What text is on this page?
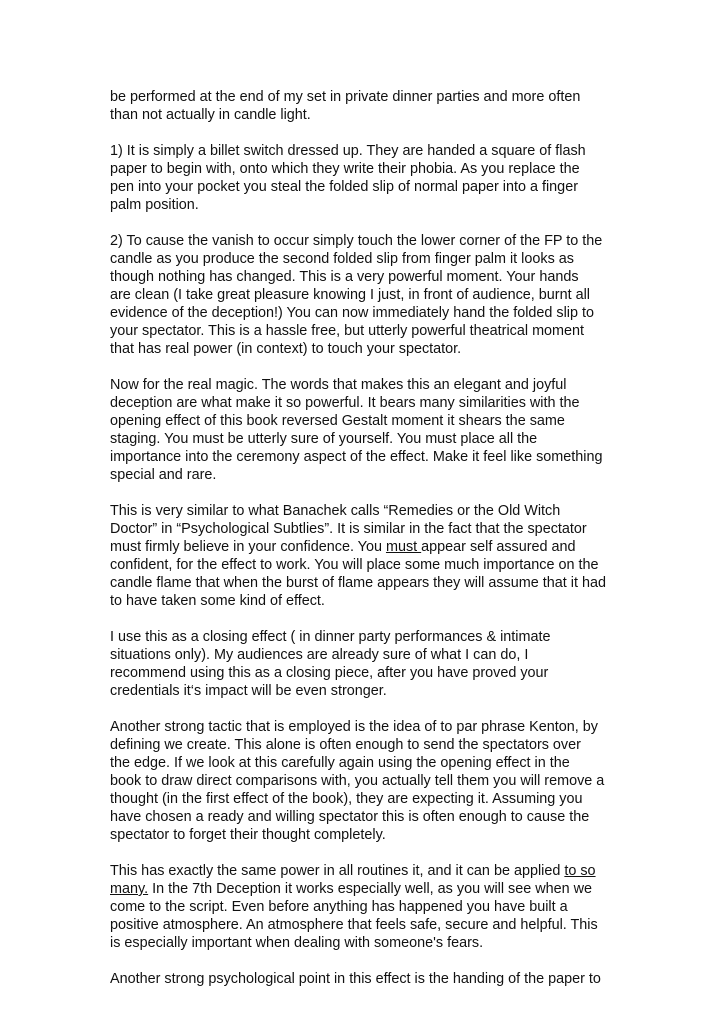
be performed at the end of my set in private dinner parties and more often
than not actually in candle light.

1) It is simply a billet switch dressed up. They are handed a square of flash
paper to begin with, onto which they write their phobia. As you replace the
pen into your pocket you steal the folded slip of normal paper into a finger
palm position.

2) To cause the vanish to occur simply touch the lower corner of the FP to the
candle as you produce the second folded slip from finger palm it looks as
though nothing has changed. This is a very powerful moment. Your hands
are clean (I take great pleasure knowing I just, in front of audience, burnt all
evidence of the deception!) You can now immediately hand the folded slip to
your spectator. This is a hassle free, but utterly powerful theatrical moment
that has real power (in context) to touch your spectator.

Now for the real magic. The words that makes this an elegant and joyful
deception are what make it so powerful. It bears many similarities with the
opening effect of this book reversed Gestalt moment it shears the same
staging. You must be utterly sure of yourself. You must place all the
importance into the ceremony aspect of the effect. Make it feel like something
special and rare.

This is very similar to what Banachek calls “Remedies or the Old Witch
Doctor” in “Psychological Subtlies”. It is similar in the fact that the spectator
must firmly believe in your confidence. You must appear self assured and
confident, for the effect to work. You will place some much importance on the
candle flame that when the burst of flame appears they will assume that it had
to have taken some kind of effect.

I use this as a closing effect ( in dinner party performances & intimate
situations only). My audiences are already sure of what I can do, I
recommend using this as a closing piece, after you have proved your
credentials it‘s impact will be even stronger.

Another strong tactic that is employed is the idea of to par phrase Kenton, by
defining we create. This alone is often enough to send the spectators over
the edge. If we look at this carefully again using the opening effect in the
book to draw direct comparisons with, you actually tell them you will remove a
thought (in the first effect of the book), they are expecting it. Assuming you
have chosen a ready and willing spectator this is often enough to cause the
spectator to forget their thought completely.

This has exactly the same power in all routines it, and it can be applied to so
many. In the 7th Deception it works especially well, as you will see when we
come to the script. Even before anything has happened you have built a
positive atmosphere. An atmosphere that feels safe, secure and helpful. This
is especially important when dealing with someone's fears.

Another strong psychological point in this effect is the handing of the paper to
